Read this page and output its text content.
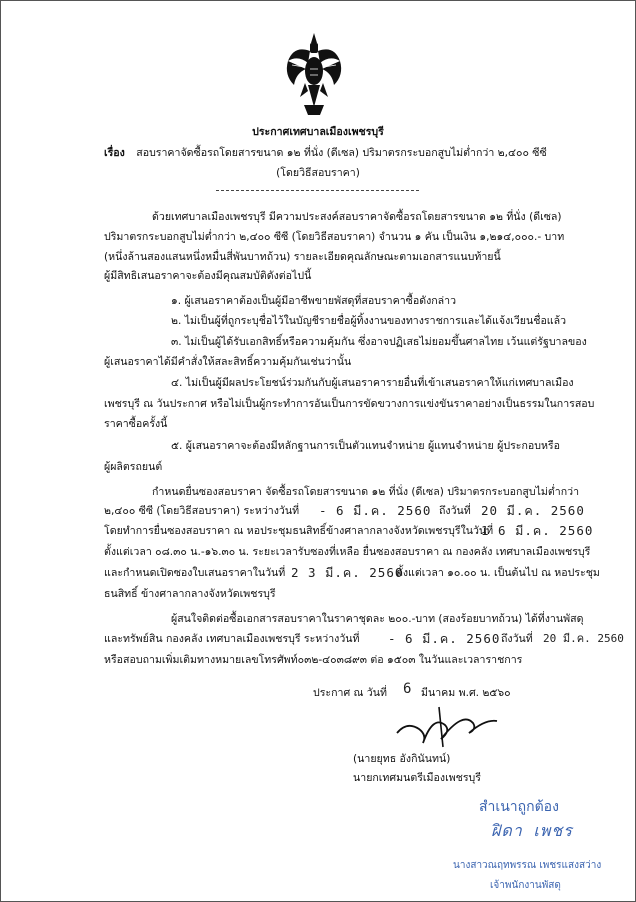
ประกาศเทศบาลเมืองเพชรบุรี
เรื่อง สอบราคาจัดซื้อรถโดยสารขนาด ๑๒ ที่นั่ง (ดีเซล) ปริมาตรกระบอกสูบไม่ต่ำกว่า ๒,๔๐๐ ซีซี
(โดยวิธีสอบราคา)
ด้วยเทศบาลเมืองเพชรบุรี มีความประสงค์สอบราคาจัดซื้อรถโดยสารขนาด ๑๒ ที่นั่ง (ดีเซล)
ปริมาตรกระบอกสูบไม่ต่ำกว่า ๒,๔๐๐ ซีซี (โดยวิธีสอบราคา) จำนวน ๑ คัน เป็นเงิน ๑,๒๑๔,๐๐๐.- บาท
(หนึ่งล้านสองแสนหนึ่งหมื่นสี่พันบาทถ้วน) รายละเอียดคุณลักษณะตามเอกสารแนบท้ายนี้
ผู้มีสิทธิเสนอราคาจะต้องมีคุณสมบัติดังต่อไปนี้
๑. ผู้เสนอราคาต้องเป็นผู้มีอาชีพขายพัสดุที่สอบราคาซื้อดังกล่าว
๒. ไม่เป็นผู้ที่ถูกระบุชื่อไว้ในบัญชีรายชื่อผู้ทิ้งงานของทางราชการและได้แจ้งเวียนชื่อแล้ว
๓. ไม่เป็นผู้ได้รับเอกสิทธิ์หรือความคุ้มกัน ซึ่งอาจปฏิเสธไม่ยอมขึ้นศาลไทย เว้นแต่รัฐบาลของ
ผู้เสนอราคาได้มีคำสั่งให้สละสิทธิ์ความคุ้มกันเช่นว่านั้น
๔. ไม่เป็นผู้มีผลประโยชน์ร่วมกันกับผู้เสนอราคารายอื่นที่เข้าเสนอราคาให้แก่เทศบาลเมือง
เพชรบุรี ณ วันประกาศ หรือไม่เป็นผู้กระทำการอันเป็นการขัดขวางการแข่งขันราคาอย่างเป็นธรรมในการสอบ
ราคาซื้อครั้งนี้
๕. ผู้เสนอราคาจะต้องมีหลักฐานการเป็นตัวแทนจำหน่าย ผู้แทนจำหน่าย ผู้ประกอบหรือ
ผู้ผลิตรถยนต์
กำหนดยื่นซองสอบราคา จัดซื้อรถโดยสารขนาด ๑๒ ที่นั่ง (ดีเซล) ปริมาตรกระบอกสูบไม่ต่ำกว่า
๒,๔๐๐ ซีซี (โดยวิธีสอบราคา) ระหว่างวันที่ - 6 มี.ค. 2560 ถึงวันที่ 20 มี.ค. 2560
โดยทำการยื่นซองสอบราคา ณ หอประชุมธนสิทธิ์ข้างศาลากลางจังหวัดเพชรบุรีในวันที่
1 6 มี.ค. 2560
ตั้งแต่เวลา ๐๘.๓๐ น.-๑๖.๓๐ น. ระยะเวลารับซองที่เหลือ ยื่นซองสอบราคา ณ กองคลัง เทศบาลเมืองเพชรบุรี
และกำหนดเปิดซองใบเสนอราคาในวันที่ 2 3 มี.ค. 2560
ตั้งแต่เวลา ๑๐.๐๐ น. เป็นต้นไป ณ หอประชุม
ธนสิทธิ์ ข้างศาลากลางจังหวัดเพชรบุรี
ผู้สนใจติดต่อซื้อเอกสารสอบราคาในราคาชุดละ ๒๐๐.-บาท (สองร้อยบาทถ้วน) ได้ที่งานพัสดุ
และทรัพย์สิน กองคลัง เทศบาลเมืองเพชรบุรี ระหว่างวันที่ - 6 มี.ค. 2560 ถึงวันที่ 20 มี.ค. 2560
หรือสอบถามเพิ่มเติมทางหมายเลขโทรศัพท์๐๓๒-๔๐๓๘๙๓ ต่อ ๑๕๐๓ ในวันและเวลาราชการ
ประกาศ ณ วันที่ 6 มีนาคม พ.ศ. ๒๕๖๐
(นายยุทธ อังกินันทน์)
นายกเทศมนตรีเมืองเพชรบุรี
สำเนาถูกต้อง
ฝิดา เพชร
นางสาวณฤทพรรณ เพชรแสงสว่าง
เจ้าพนักงานพัสดุ
